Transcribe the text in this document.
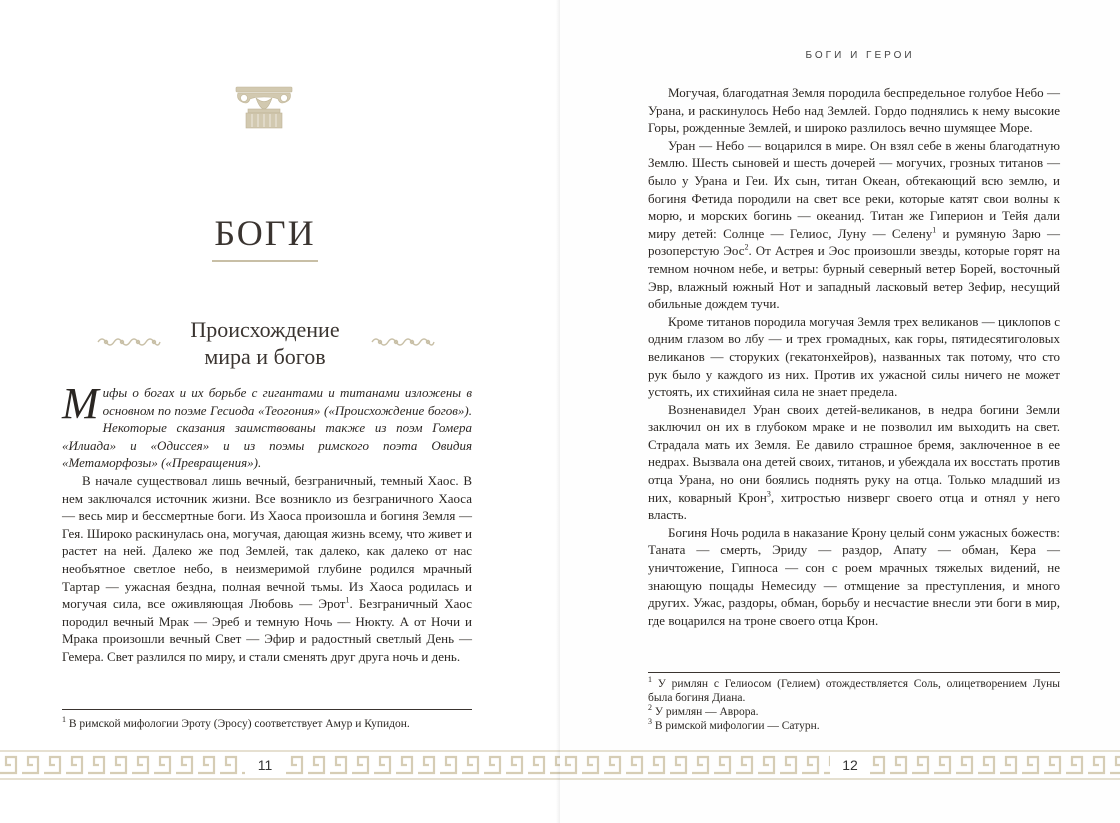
БОГИ
Происхождение
мира и богов

Мифы о богах и их борьбе с гигантами и титанами изложены в основном по поэме Гесиода «Теогония» («Происхождение богов»). Некоторые сказания заимствованы также из поэм Гомера «Илиада» и «Одиссея» и из поэмы римского поэта Овидия «Метаморфозы» («Превращения»).

В начале существовал лишь вечный, безграничный, темный Хаос. В нем заключался источник жизни. Все возникло из безграничного Хаоса — весь мир и бессмертные боги. Из Хаоса произошла и богиня Земля — Гея. Широко раскинулась она, могучая, дающая жизнь всему, что живет и растет на ней. Далеко же под Землей, так далеко, как далеко от нас необъятное светлое небо, в неизмеримой глубине родился мрачный Тартар — ужасная бездна, полная вечной тьмы. Из Хаоса родилась и могучая сила, все оживляющая Любовь — Эрот$^1$. Безграничный Хаос породил вечный Мрак — Эреб и темную Ночь — Нюкту. А от Ночи и Мрака произошли вечный Свет — Эфир и радостный светлый День — Гемера. Свет разлился по миру, и стали сменять друг друга ночь и день.

$^1$ В римской мифологии Эроту (Эросу) соответствует Амур и Купидон.

11
БОГИ И ГЕРОИ

Могучая, благодатная Земля породила беспредельное голубое Небо — Урана, и раскинулось Небо над Землей. Гордо поднялись к нему высокие Горы, рожденные Землей, и широко разлилось вечно шумящее Море.

Уран — Небо — воцарился в мире. Он взял себе в жены благодатную Землю. Шесть сыновей и шесть дочерей — могучих, грозных титанов — было у Урана и Геи. Их сын, титан Океан, обтекающий всю землю, и богиня Фетида породили на свет все реки, которые катят свои волны к морю, и морских богинь — океанид. Титан же Гиперион и Тейя дали миру детей: Солнце — Гелиос, Луну — Селену$^1$ и румяную Зарю — розоперстую Эос$^2$. От Астрея и Эос произошли звезды, которые горят на темном ночном небе, и ветры: бурный северный ветер Борей, восточный Эвр, влажный южный Нот и западный ласковый ветер Зефир, несущий обильные дождем тучи.

Кроме титанов породила могучая Земля трех великанов — циклопов с одним глазом во лбу — и трех громадных, как горы, пятидесятиголовых великанов — сторуких (гекатонхейров), названных так потому, что сто рук было у каждого из них. Против их ужасной силы ничего не может устоять, их стихийная сила не знает предела.

Возненавидел Уран своих детей-великанов, в недра богини Земли заключил он их в глубоком мраке и не позволил им выходить на свет. Страдала мать их Земля. Ее давило страшное бремя, заключенное в ее недрах. Вызвала она детей своих, титанов, и убеждала их восстать против отца Урана, но они боялись поднять руку на отца. Только младший из них, коварный Крон$^3$, хитростью низверг своего отца и отнял у него власть.

Богиня Ночь родила в наказание Крону целый сонм ужасных божеств: Таната — смерть, Эриду — раздор, Апату — обман, Кера — уничтожение, Гипноса — сон с роем мрачных тяжелых видений, не знающую пощады Немесиду — отмщение за преступления, и много других. Ужас, раздоры, обман, борьбу и несчастие внесли эти боги в мир, где воцарился на троне своего отца Крон.

$^1$ У римлян с Гелиосом (Гелием) отождествляется Соль, олицетворением Луны была богиня Диана.

$^2$ У римлян — Аврора.

$^3$ В римской мифологии — Сатурн.

12
